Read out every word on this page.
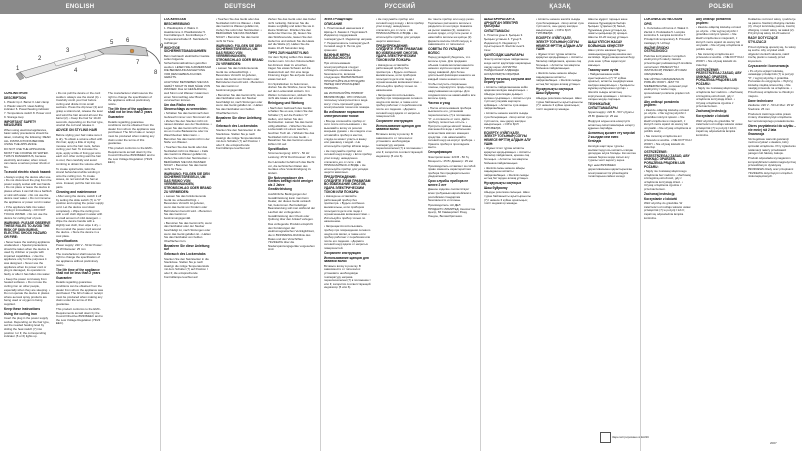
ENGLISH	DEUTSCH	РУССКИЙ	ҚАЗАҚ	POLSKI
1
2
3
4
5 6
7
8
9
CURLING IRON
DESCRIPTION

1. Plastic tip 2. Barrel 3. Hair clamp 4. Plastic stand 5. Heat-holding indicator 6. Power/heating indicator 7. Temperature switch 8. Power cord 9. Storage loop

IMPORTANT SAFETY MEASURES

When using electrical appliances, basic safety precautions should be taken, including the following: READ ALL INSTRUCTIONS BEFORE USING THE APPLIANCE.

DO NOT USE THE APPLIANCE MOST THE COURSE OF WATER. THIS IS DANGEROUS, because electricity and water, when mixed, can cause a serious power shock or fire.

To avoid electric shock hazard:

• Always unplug the device after use. • Do not disconnect the plug from the power supply socket with wet hands. • Do not place or leave the device in places where it can fall into a bathtub or sink with water. • Do not use the device near water. • Do not immerse the appliance or power cord in water.

• If the appliance falls into water, unplug it immediately. • DO NOT TOUCH WATER. • Do not use the device for curling hair of pets.

WARNING: PLEASE OBSERVE THESE RULES TO AVOID THE RISK OF SKIN BURNS, ELECTRIC SHOCK HAZARD OR FIRE:

• Never leave the working appliance unattended. • Special precautions should be taken when the device is used by children or people with impaired capabilities. • Use the appliance only for the purposes it was designed. • Never use the appliance when its power cord or plug is damaged, its operation is faulty or after it has fallen into water.

• Keep the power cord away from heated surfaces. • Do not use the curling iron on other people, especially when they are sleeping. • Do not operate the device in places where aerosol spray products are being used or oxygen is being supplied.

Keep these instructions
Using the curling iron

Insert the plug in the power supply socket. Depending on the hair type, set the needed heating level by sliding the heat switch (7) into position I or II; the corresponding indicator (5 or 6) lights up.

• Do not pull the device or the cord sudden: always use the stand (4). • Carefully comb your hair before curling and divide it into small sections. Press the clip lever (3) and grasp a strand end, release the lever and wind the hair around all over the barrel (2). • Keep the hair for 10-20 seconds, depending on the hair type, unwind the curl and release it.

ADVICE ON STYLING HAIR

Before styling your hair make sure it is dry. To obtain a volume effect with thin hair, apply a little of styling mousse onto the hair roots, before curling your hair. To increase the style, apply a little of fixing gel onto each curl. After curling wait the hair to cool, then carefully and avoid combing to obtain the volume effect.

To create spiral locks, twist the strand beforehand while winding it onto the curling iron. To create waves, do not wind all the hair at once. Instead, pull the hair into two parts.

Cleaning and maintenance

• After using the device, switch it off by setting the slide switch (7) to "0" position and unplug the power supply cord. Let the device cool down completely. • Wipe the curling iron with a soft cloth dipped in water with a small amount of mild detergent. • Wipe the device handle with a slightly wet cloth, then wipe it dry. • Do not wind the power cord around the device. • Store the device in a cool place.

Specifications

Power supply: 220 V - 50 Hz Power: 25 W Diameter: 25 mm

The manufacturer shall reserve the right to change the specification of the appliance without preliminary notice.

The life time of the appliance shall not be less than 2 years
Guarantee

Details regarding guarantee conditions can be obtained from the dealer from whom the appliance was purchased. The bill of sale or receipt must be produced when making any claim under the terms of this guarantee.

This product conforms to the EMC-Requirements as laid down by the Council Directive 89/336/EEC and to the Low Voltage Regulation (73/23 EEC).

The manufacturer shall reserve the right to change the specification of the appliance without preliminary notice.

The life time of the appliance shall not be less than 2 years
Guarantee

Details regarding guarantee conditions can be obtained from the dealer from whom the appliance was purchased. The bill of sale or receipt must be produced when making any claim under the terms of this guarantee.

This product conforms to the EMC-Requirements as laid down by the Council Directive 89/336/EEC and to the Low Voltage Regulation (73/23 EEC).

LOCKENSTAB
BESCHREIBUNG

1. Plastikspitze 2. Walze 3. Haarklemme 4. Plastikständer 5. Kontrolllampe 6. Kontrolllampe 7. Temperaturschalter 8. Netzkabel 9. Aufhänger

WICHTIGE SICHERHEITSMAßNAHMEN

Beim Gebrauch elektrischer Geräte sollen folgende Sicherheitsmaßnahmen getroffen werden: LESEN SIE AUFMERKSAM DIE BEDIENUNGSANLEITUNG VOR DEM GEBRAUCH DES GERÄTS.

ACHTUNG! BETREIBEN SIE DAS GERÄT NICHT IN DER NÄHE VON WASSER. Das ist GEFÄHRLICH, weil Strom und Wasser zusammen einen Stromschlag oder Brand verursachen können.

Um das Risiko eines Stromschlags zu vermeiden:

• Schalten Sie das Gerät nach dem Gebrauch immer vom Stromnetz ab. • Ziehen Sie den Stecker nicht mit nassen Händen aus der Steckdose. • Legen Sie das Gerät nicht an Orte, wo es in eine Badewanne oder ins Waschbecken fallen kann. • Benutzen Sie das Gerät nicht in der Nähe von Wasser.

• Tauchen Sie das Gerät oder das Netzkabel nicht ins Wasser. • Falls das Gerät ins Wasser gefallen ist, ziehen Sie sofort den Netzstecker. • BERÜHREN SIE DAS WASSER NICHT. • Benutzen Sie das Gerät nicht für Tiere.

WARNUNG: FOLGEN SIE DEN SICHERHEITSREGELN, UM DAS RISIKO VON VERBRENNUNGEN, STROMSCHLAG ODER BRAND ZU VERMEIDEN:

• Lassen Sie das funktionierende Gerät nie unbeaufsichtigt. • Besondere Vorsicht ist geboten, wenn das Gerät von Kindern oder Behinderten benutzt wird. • Benutzen Sie das Gerät nur bestimmungsgemäß.

• Benutzen Sie das Gerät nicht, wenn das Netzkabel oder der Stecker beschädigt ist, nach Störungen oder wenn das Gerät gefallen ist. • Halten Sie das Netzkabel von heißen Oberflächen fern.

Bewahren Sie diese Anleitung auf
Gebrauch des Lockenstabs

Stecken Sie den Netzstecker in die Steckdose. Stellen Sie je nach Haartyp die nötige Temperaturstufe mit dem Schalter (7) auf Position I oder II; die entsprechende Kontrolllampe leuchtet auf.

• Tauchen Sie das Gerät oder das Netzkabel nicht ins Wasser. • Falls das Gerät ins Wasser gefallen ist, ziehen Sie sofort den Netzstecker. • BERÜHREN SIE DAS WASSER NICHT. • Benutzen Sie das Gerät nicht für Tiere.

WARNUNG: FOLGEN SIE DEN SICHERHEITSREGELN, UM DAS RISIKO VON VERBRENNUNGEN, STROMSCHLAG ODER BRAND ZU VERMEIDEN:

• Lassen Sie das funktionierende Gerät nie unbeaufsichtigt. • Besondere Vorsicht ist geboten, wenn das Gerät von Kindern oder Behinderten benutzt wird. • Benutzen Sie das Gerät nur bestimmungsgemäß.

• Benutzen Sie das Gerät nicht, wenn das Netzkabel oder der Stecker beschädigt ist, nach Störungen oder wenn das Gerät gefallen ist. • Halten Sie das Netzkabel von heißen Oberflächen fern.

Bewahren Sie diese Anleitung auf
Gebrauch des Lockenstabs

Stecken Sie den Netzstecker in die Steckdose. Stellen Sie je nach Haartyp die nötige Temperaturstufe mit dem Schalter (7) auf Position I oder II; die entsprechende Kontrolllampe leuchtet auf.

Ziehen Sie das Gerät oder das Kabel nicht ruckartig. Kämmen Sie die Haare sorgfältig und teilen Sie sie in kleine Strähnen. Drücken Sie den Hebel der Klemme (3), fassen Sie das Strähnenende, lassen Sie den Hebel los und wickeln Sie die Haare auf die Walze (2). Halten Sie die Haare 10-20 Sekunden lang.

TIPPS ZUR HAARSTYLING

Vor dem Styling sollten Ihre Haare trocken sein. Um den Volumeneffekt bei dünnem Haar zu erreichen, tragen Sie etwas Schaum auf die Haarwurzeln auf. Für eine lange Fixierung tragen Sie auf jede Locke etwas Gel auf.

Um Spirallocken zu bekommen, drehen Sie die Strähne, bevor Sie sie auf den Lockenstab wickeln. Um Wellen zu bekommen, wickeln Sie nicht alle Haare auf einmal.

Reinigung und Wartung

• Nach dem Gebrauch des Geräts schalten Sie es aus, indem Sie den Schalter (7) auf die Position "0" stellen, und ziehen Sie den Netzstecker. Lassen Sie das Gerät völlig abkühlen. • Wischen Sie den Lockenstab mit einem weichen, feuchten Tuch ab. • Wickeln Sie das Netzkabel nicht um das Gerät. • Bewahren Sie das Gerät an einem kühlen Ort auf.

Spezifikation

Stromversorgung: 220 V - 50 Hz Leistung: 25 W Durchmesser: 25 mm

Der Hersteller behält sich das Recht vor, die technischen Daten des Gerätes ohne Vorankündigung zu ändern.

Die Nutzungsdauer des Gerätes beträgt nicht weniger als 2 Jahre
Gewährleistung

Ausführliche Bedingungen der Gewährleistung kann man beim Dealer, der dieses Gerät verkauft hat, bekommen. Bei beliebiger Beanstandung soll man während der Laufzeit der vorliegenden Gewährleistung den Check oder Quittung über den Ankauf vorlegen.

Das vorliegende Produkt entspricht den Forderungen der elektromagnetischen Verträglichkeit, die in 89/336/EWG-Richtlinie des Rates und den Vorschriften 73/23/EWG über die Niederspannungsgeräte vorgesehen sind.

ЭЛЕКТРОЩИПЦЫ
ОПИСАНИЕ

1. Пластиковый наконечник 2. Щипцы 3. Зажим 4. Подставка 5. Индикатор поддержания температуры 6. Индикатор нагрева 7. Переключатель температуры 8. Сетевой шнур 9. Петля для хранения

ВАЖНЫЕ МЕРЫ БЕЗОПАСНОСТИ

При использовании электроприборов следует соблюдать основные меры безопасности, включая следующие: ВНИМАТЕЛЬНО ПРОЧИТАЙТЕ ИНСТРУКЦИЮ ПЕРЕД ЭКСПЛУАТАЦИЕЙ ПРИБОРА.

НЕ ИСПОЛЬЗУЙТЕ ПРИБОР ВБЛИЗИ ВОДЫ. ЭТО ОПАСНО, поскольку электричество и вода могут стать причиной удара электрическим током или пожара.

Во избежание поражения электрическим током:

• Всегда отключайте прибор от сети после использования. • Не вынимайте вилку из розетки мокрыми руками. • Не кладите и не оставляйте прибор в местах, откуда он может упасть в ванну или раковину с водой. • Не используйте прибор вблизи воды.

• Не погружайте прибор или сетевой шнур в воду. • Если прибор упал в воду, немедленно отключите его от сети. • НЕ ПРИКАСАЙТЕСЬ К ВОДЕ. • Не используйте прибор для укладки шерсти животных.

ПРЕДУПРЕЖДЕНИЕ: СЛЕДУЙТЕ ЭТИМ ПРАВИЛАМ ВО ИЗБЕЖАНИЕ ОЖОГОВ, УДАРА ЭЛЕКТРИЧЕСКИМ ТОКОМ ИЛИ ПОЖАРА:

• Никогда не оставляйте работающий прибор без присмотра. • Будьте особенно внимательны, если прибором пользуются дети или люди с ограниченными возможностями. • Используйте прибор только по назначению.

• Запрещается использовать прибор при повреждении сетевого шнура или вилки, а также если прибор работает с перебоями или после его падения. • Держите сетевой шнур вдали от нагретых поверхностей.

Сохраните инструкцию
Использование щипцов для завивки волос

Вставьте вилку в розетку. В зависимости от типа волос установите необходимую температуру нагрева переключателем (7) в положение I или II; загорится соответствующий индикатор (5 или 6).

• Не погружайте прибор или сетевой шнур в воду. • Если прибор упал в воду, немедленно отключите его от сети. • НЕ ПРИКАСАЙТЕСЬ К ВОДЕ. • Не используйте прибор для укладки шерсти животных.

ПРЕДУПРЕЖДЕНИЕ: СЛЕДУЙТЕ ЭТИМ ПРАВИЛАМ ВО ИЗБЕЖАНИЕ ОЖОГОВ, УДАРА ЭЛЕКТРИЧЕСКИМ ТОКОМ ИЛИ ПОЖАРА:

• Никогда не оставляйте работающий прибор без присмотра. • Будьте особенно внимательны, если прибором пользуются дети или люди с ограниченными возможностями. • Используйте прибор только по назначению.

• Запрещается использовать прибор при повреждении сетевого шнура или вилки, а также если прибор работает с перебоями или после его падения. • Держите сетевой шнур вдали от нагретых поверхностей.

Сохраните инструкцию
Использование щипцов для завивки волос

Вставьте вилку в розетку. В зависимости от типа волос установите необходимую температуру нагрева переключателем (7) в положение I или II; загорится соответствующий индикатор (5 или 6).

Не тяните прибор или шнур резко. Тщательно расчешите волосы и разделите их на пряди. Нажмите на рычаг зажима (3), захватите кончик пряди, отпустите рычаг и намотайте волосы на щипцы (2). Держите волосы 10-20 секунд, в зависимости от типа волос.

СОВЕТЫ ПО УКЛАДКЕ ВОЛОС

Перед укладкой убедитесь, что волосы сухие. Для придания объема тонким волосам нанесите немного мусса на корни волос перед завивкой. Для более длительной фиксации нанесите на каждый локон немного геля.

Чтобы получить спиральные локоны, перекрутите прядь перед накручиванием на щипцы. Для создания волн не наматывайте все волосы сразу.

Чистка и уход

• После использования прибора выключите его, установив переключатель (7) в положение "0", и отключите от сети. Дайте прибору полностью остыть. • Протрите щипцы мягкой тканью, смоченной в воде с небольшим количеством мягкого моющего средства. • Не наматывайте сетевой шнур на корпус прибора. • Храните прибор в прохладном месте.

Спецификация

Электропитание: 220 В - 50 Гц Мощность: 25 Вт Диаметр: 25 мм

Производитель оставляет за собой право изменять характеристики прибора без предварительного уведомления.

Срок службы прибора не менее 2 лет

Данное изделие соответствует всем требуемым европейским и российским стандартам безопасности и гигиены.

Производитель: АК ДЕЛ ПРОДАКТС ЛИМИТЕД, Кенсингтон Центр, 66 Хаммерсмит Роад, Лондон, Великобритания.

ШАШ БҰЙРАЛАУҒА АРНАЛҒАН ЭЛЕКТРЛІ ҚЫСҚЫШ
СИПАТТАМАСЫ

1. Пластик ұшы 2. Қысқыш 3. Қысқыш ұстағыш 4. Тұғыр 5. Индикатор 6. Индикатор 7. Ауыстырғыш 8. Желілік сым 9. Ілгек

ҚАУІПСІЗДІК ШАРАЛАРЫ

Электр аспаптарын пайдаланған кезде негізгі қауіпсіздік шараларын сақтау керек: АСПАПТЫ ПАЙДАЛАНАР АЛДЫНДА НҰСҚАУЛЫҚТЫ ОҚЫҢЫЗ.

Электр тогының соғуына жол бермеу үшін:

• Аспапты пайдаланғаннан кейін әрқашан желіден ажыратыңыз. • Айырды розеткадан дымқыл қолмен суырмаңыз. • Аспапты суға түсіп кетуі мүмкін жерлерге қоймаңыз. • Аспапты суға жақын пайдаланбаңыз.

• Аспапты немесе желілік сымды суға батырмаңыз. • Егер аспап суға түсіп кетсе, оны дереу желіден ажыратыңыз. • СУҒА ҚОЛ ТИГІЗБЕҢІЗ.

ЕСКЕРТУ: КҮЙІП ҚАЛУ, ЭЛЕКТР ТОГЫНЫҢ СОҒУЫ НЕМЕСЕ ӨРТТІҢ АЛДЫН АЛУ ҮШІН:

• Жұмыс істеп тұрған аспапты қараусыз қалдырмаңыз. • Аспапты балалар пайдаланса, ерекше сақ болыңыз. • Аспапты тек мақсаты бойынша пайдаланыңыз.

• Желілік сымы немесе айыры зақымданған аспапты пайдаланбаңыз. • Желілік сымды ыстық беттерден алшақ ұстаңыз.

Нұсқаулықты сақтаңыз
Шаш бұйралау

Айырды розеткаға салыңыз. Шаш түріне байланысты ауыстырғышты (7) I немесе II күйіне орнатыңыз; тиісті индикатор жанады.

• Аспапты немесе желілік сымды суға батырмаңыз. • Егер аспап суға түсіп кетсе, оны дереу желіден ажыратыңыз. • СУҒА ҚОЛ ТИГІЗБЕҢІЗ.

ЕСКЕРТУ: КҮЙІП ҚАЛУ, ЭЛЕКТР ТОГЫНЫҢ СОҒУЫ НЕМЕСЕ ӨРТТІҢ АЛДЫН АЛУ ҮШІН:

• Жұмыс істеп тұрған аспапты қараусыз қалдырмаңыз. • Аспапты балалар пайдаланса, ерекше сақ болыңыз. • Аспапты тек мақсаты бойынша пайдаланыңыз.

• Желілік сымы немесе айыры зақымданған аспапты пайдаланбаңыз. • Желілік сымды ыстық беттерден алшақ ұстаңыз.

Нұсқаулықты сақтаңыз
Шаш бұйралау

Айырды розеткаға салыңыз. Шаш түріне байланысты ауыстырғышты (7) I немесе II күйіне орнатыңыз; тиісті индикатор жанады.

Шашты мұқият тараңыз және кішкене бұрымдарға бөліңіз. Қысқыш тұтқасын (3) басып, бұрымның ұшын ұстаңыз да, шашты қысқышқа (2) ораңыз. Шашты 10-20 секунд ұстаңыз.

ШАШ ҮЛГІСІН ЖАСАУ БОЙЫНША КЕҢЕСТЕР

Шаш үлгісін жасамас бұрын шашыңыздың құрғақ екеніне көз жеткізіңіз. Жұқа шашқа көлем беру үшін шаш түбіне аздап мусс жағыңыз.

Тазалау және күтім

• Пайдаланғаннан кейін ауыстырғышты (7) "0" күйіне орнатып, аспапты сөндіріңіз және желіден ажыратыңыз. • Қысқышты жұмсақ шүберекпен сүртіңіз. • Желілік сымды аспаптың корпусына орамаңыз. • Аспапты салқын жерде сақтаңыз.

ТЕХНИКАЛЫҚ СИПАТТАМАЛАРЫ

Қоректендіру: 220 В - 50 Гц Қуаты: 25 Вт Диаметрі: 25 мм

Өндіруші алдын ала ескертусіз аспаптың сипаттамаларын өзгерту құқығын сақтайды.

Аспаптың қызмет ету мерзімі 2 жылдан кем емес
Кепілдік

Кепілдік шарттары туралы мәліметтерді осы аспапты сатқан дилерден алуға болады. Кез келген шағым берген кезде сатып алу туралы чекті көрсету керек.

Бұл өнім 89/336/EEC директивасымен қарастырылған электромагниттік үйлесімділік талаптарына сәйкес келеді.

LOKÓWKA DO WŁOSÓW
OPIS

1. Końcówka ochronna 2. Wałek 3. Zacisk 4. Podstawka 5. Lampka kontrolna 6. Lampka kontrolna 7. Przełącznik temperatury 8. Przewód zasilający 9. Uchwyt

WAŻNE ŚRODKI OSTROŻNOŚCI

Podczas korzystania z urządzeń elektrycznych należy zawsze przestrzegać podstawowych środków ostrożności: PRZECZYTAJ INSTRUKCJĘ PRZED UŻYCIEM URZĄDZENIA.

NIE UŻYWAJ URZĄDZENIA W POBLIŻU WODY. JEST TO NIEBEZPIECZNE, ponieważ prąd elektryczny i woda mogą spowodować porażenie prądem lub pożar.

Aby uniknąć porażenia prądem:

• Zawsze odłączaj lokówkę od sieci po użyciu. • Nie wyjmuj wtyczki z gniazdka mokrymi rękami. • Nie kładź urządzenia w miejscach, z których może wpaść do wanny lub umywalki. • Nie używaj urządzenia w pobliżu wody.

• Nie zanurzaj urządzenia ani przewodu w wodzie. • NIE DOTYKAJ WODY. • Nie używaj lokówki do zwierząt.

OSTRZEŻENIE: PRZESTRZEGAJ ZASAD, ABY UNIKNĄĆ OPARZEŃ, PORAŻENIA PRĄDEM LUB POŻARU:

• Nigdy nie zostawiaj włączonego urządzenia bez nadzoru. • Zachowaj szczególną ostrożność, gdy z urządzenia korzystają dzieci. • Używaj urządzenia zgodnie z przeznaczeniem.

Zachowaj instrukcję
Korzystanie z lokówki

Włóż wtyczkę do gniazdka. W zależności od rodzaju włosów ustaw przełącznik (7) w pozycji I lub II; zapali się odpowiednia lampka kontrolna.

Aby uniknąć porażenia prądem:

• Zawsze odłączaj lokówkę od sieci po użyciu. • Nie wyjmuj wtyczki z gniazdka mokrymi rękami. • Nie kładź urządzenia w miejscach, z których może wpaść do wanny lub umywalki. • Nie używaj urządzenia w pobliżu wody.

• Nie zanurzaj urządzenia ani przewodu w wodzie. • NIE DOTYKAJ WODY. • Nie używaj lokówki do zwierząt.

OSTRZEŻENIE: PRZESTRZEGAJ ZASAD, ABY UNIKNĄĆ OPARZEŃ, PORAŻENIA PRĄDEM LUB POŻARU:

• Nigdy nie zostawiaj włączonego urządzenia bez nadzoru. • Zachowaj szczególną ostrożność, gdy z urządzenia korzystają dzieci. • Używaj urządzenia zgodnie z przeznaczeniem.

Zachowaj instrukcję
Korzystanie z lokówki

Włóż wtyczkę do gniazdka. W zależności od rodzaju włosów ustaw przełącznik (7) w pozycji I lub II; zapali się odpowiednia lampka kontrolna.

Dokładnie rozczesz włosy i podziel je na pasma. Naciśnij dźwignię zacisku (3), chwyć końcówkę pasma, zwolnij dźwignię i nawiń włosy na wałek (2). Przytrzymaj włosy 10-20 sekund.

RADY DOTYCZĄCE STYLIZACJI

Przed stylizacją upewnij się, że włosy są suche. Aby uzyskać efekt objętości cienkich włosów, nałóż trochę pianki u nasady przed kręceniem.

Czyszczenie i konserwacja

• Po użyciu wyłącz lokówkę, ustawiając przełącznik (7) w pozycji "0", i wyjmij wtyczkę z gniazdka. Pozostaw do ostygnięcia. • Wytrzyj lokówkę miękką ściereczką. • Nie nawijaj przewodu na urządzenie. • Przechowuj urządzenie w chłodnym miejscu.

Dane techniczne

Zasilanie: 220 V - 50 Hz Moc: 25 W Średnica: 25 mm

Producent zastrzega sobie prawo zmiany charakterystyk urządzenia bez wcześniejszego powiadomienia.

Okres przydatności do użytku – nie mniej niż 2 lata
Gwarancja

Szczegółowe warunki gwarancji można uzyskać u dealera, który sprzedał urządzenie. Przy zgłaszaniu reklamacji należy przedstawić paragon lub fakturę zakupu.

Produkt odpowiada wymaganiom kompatybilności elektromagnetycznej przewidzianym dyrektywą 89/336/EWG Rady oraz przepisami 73/23/EWG dotyczącymi urządzeń niskonapięciowych.

Зарегистрировано в ЕАЭС
2007
